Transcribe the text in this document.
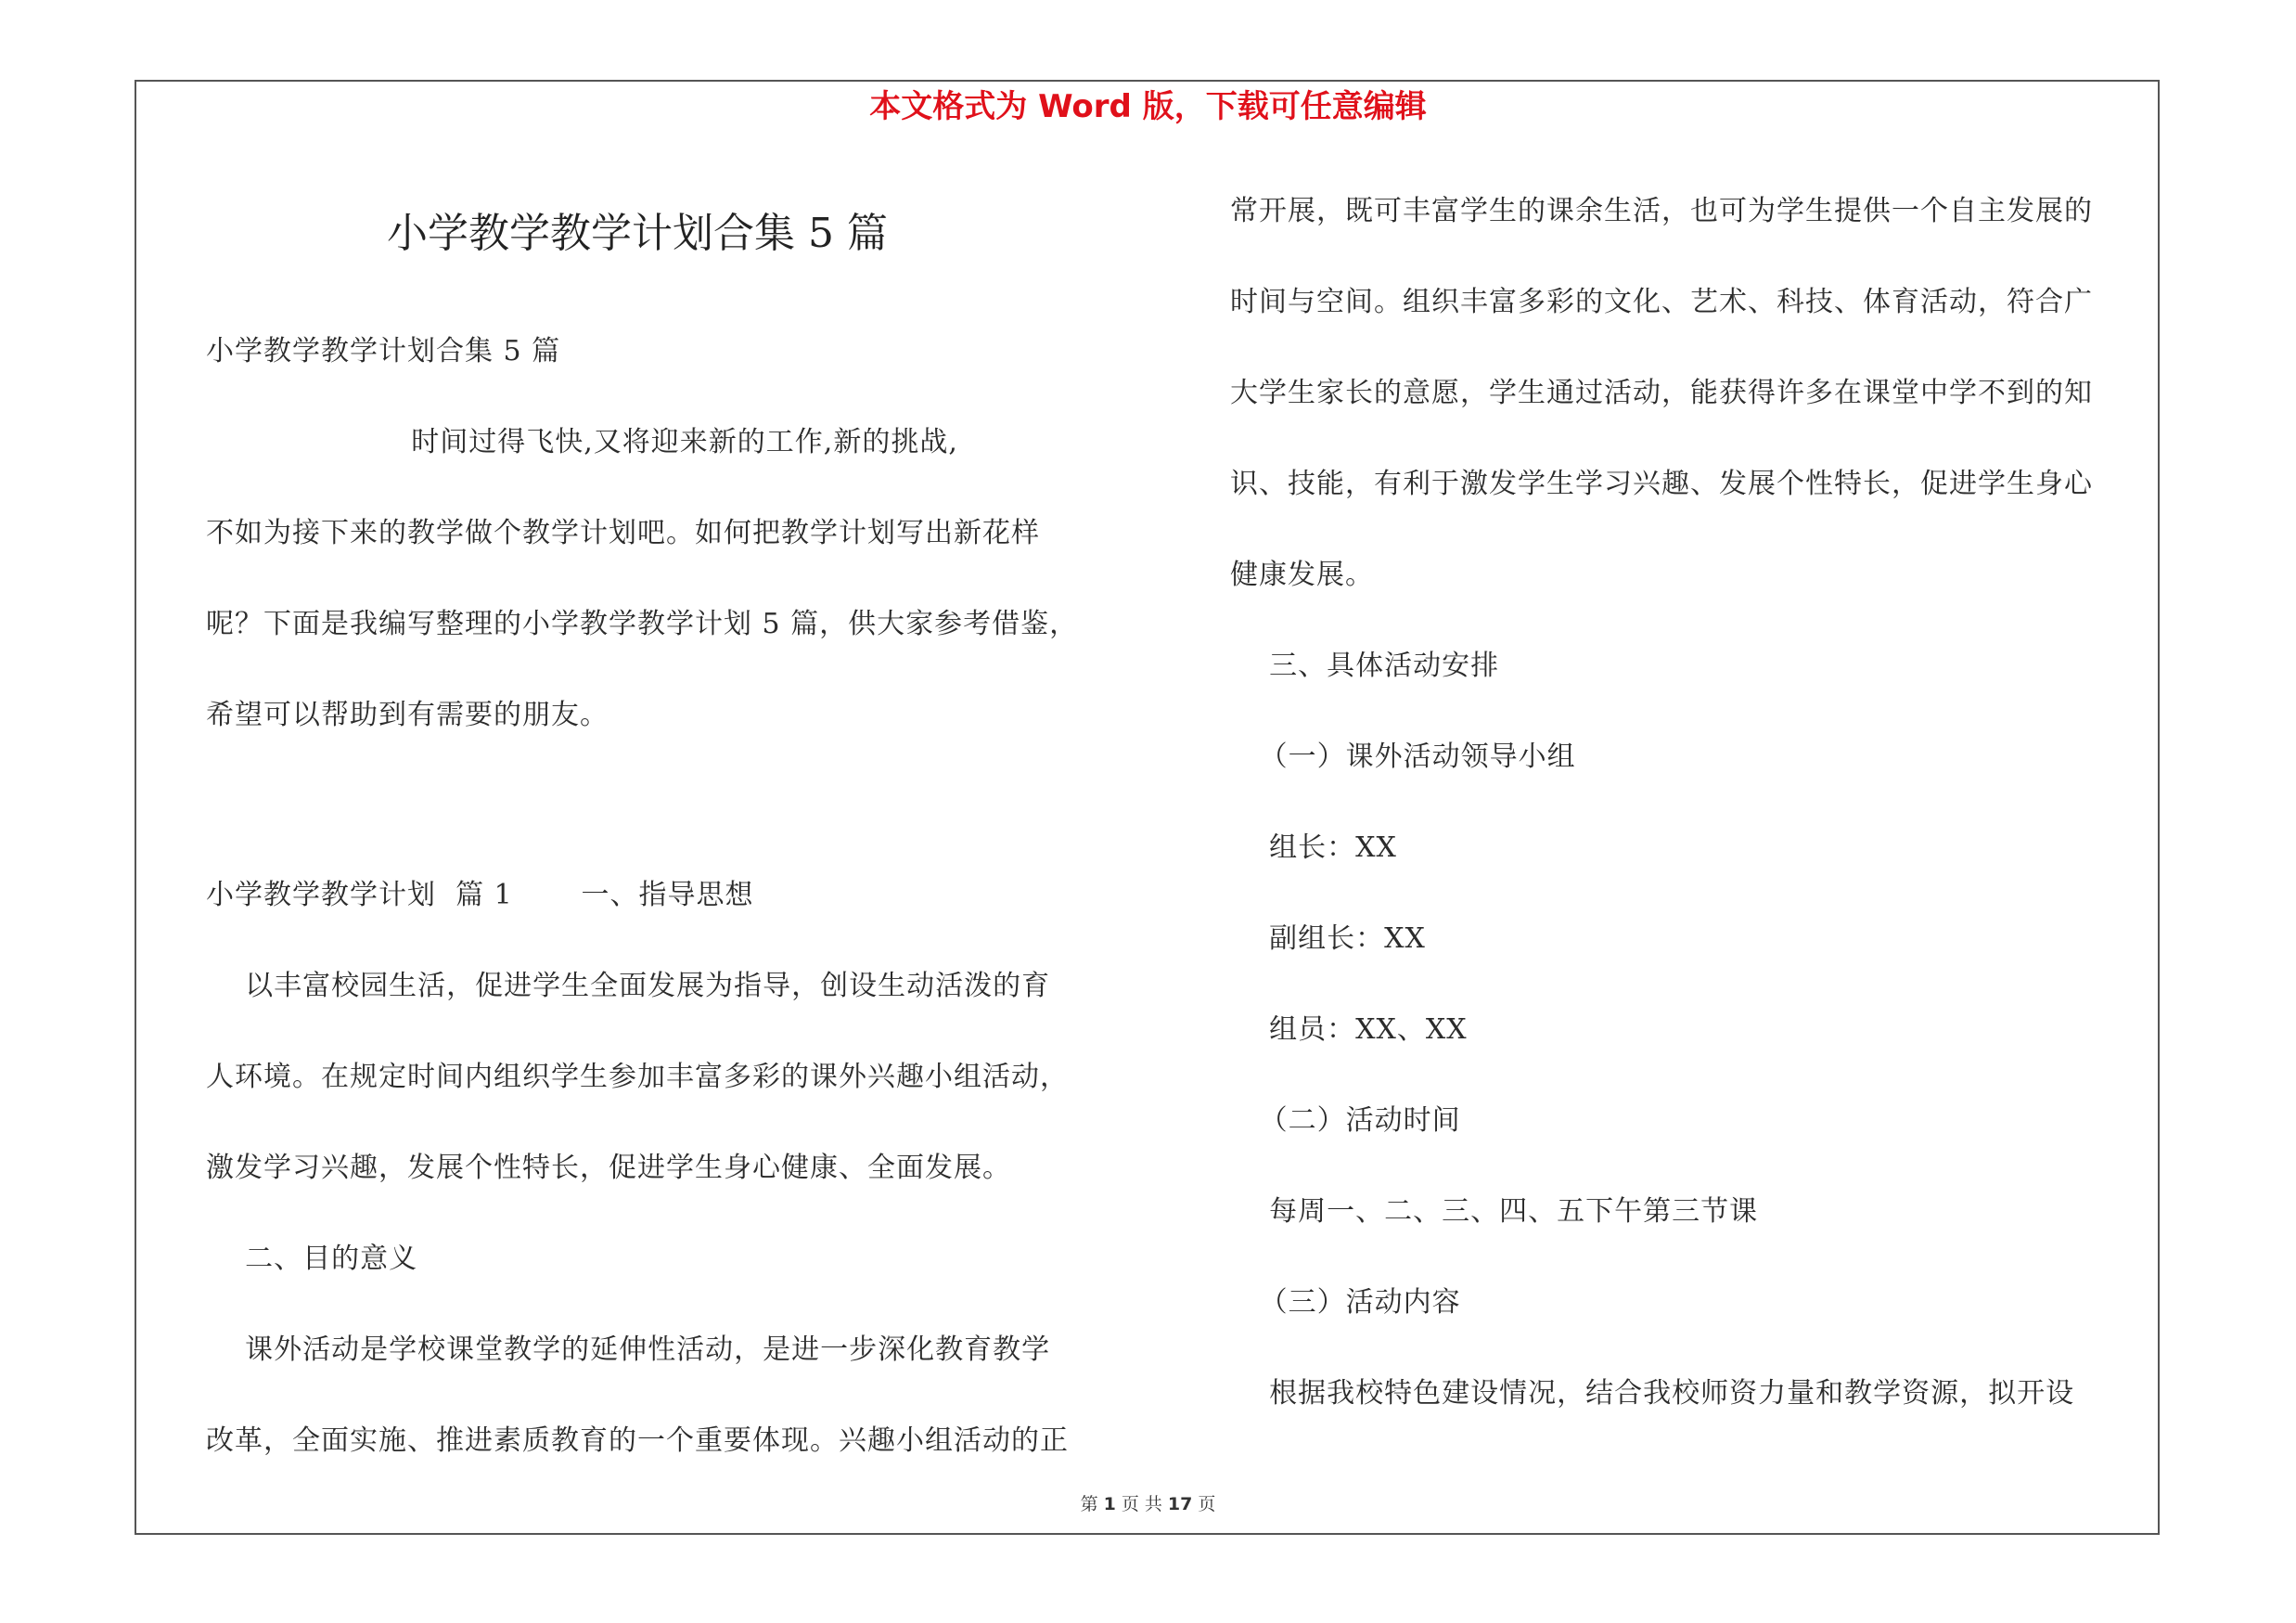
本文格式为 Word 版，下载可任意编辑
小学教学教学计划合集 5 篇
小学教学教学计划合集 5 篇
时间过得飞快,又将迎来新的工作,新的挑战,
不如为接下来的教学做个教学计划吧。如何把教学计划写出新花样
呢？下面是我编写整理的小学教学教学计划 5 篇，供大家参考借鉴，
希望可以帮助到有需要的朋友。
小学教学教学计划  篇 1       一、指导思想
以丰富校园生活，促进学生全面发展为指导，创设生动活泼的育
人环境。在规定时间内组织学生参加丰富多彩的课外兴趣小组活动，
激发学习兴趣，发展个性特长，促进学生身心健康、全面发展。
二、目的意义
课外活动是学校课堂教学的延伸性活动，是进一步深化教育教学
改革，全面实施、推进素质教育的一个重要体现。兴趣小组活动的正
常开展，既可丰富学生的课余生活，也可为学生提供一个自主发展的
时间与空间。组织丰富多彩的文化、艺术、科技、体育活动，符合广
大学生家长的意愿，学生通过活动，能获得许多在课堂中学不到的知
识、技能，有利于激发学生学习兴趣、发展个性特长，促进学生身心
健康发展。
三、具体活动安排
（一）课外活动领导小组
组长：XX
副组长：XX
组员：XX、XX
（二）活动时间
每周一、二、三、四、五下午第三节课
（三）活动内容
根据我校特色建设情况，结合我校师资力量和教学资源，拟开设
第 1 页 共 17 页
